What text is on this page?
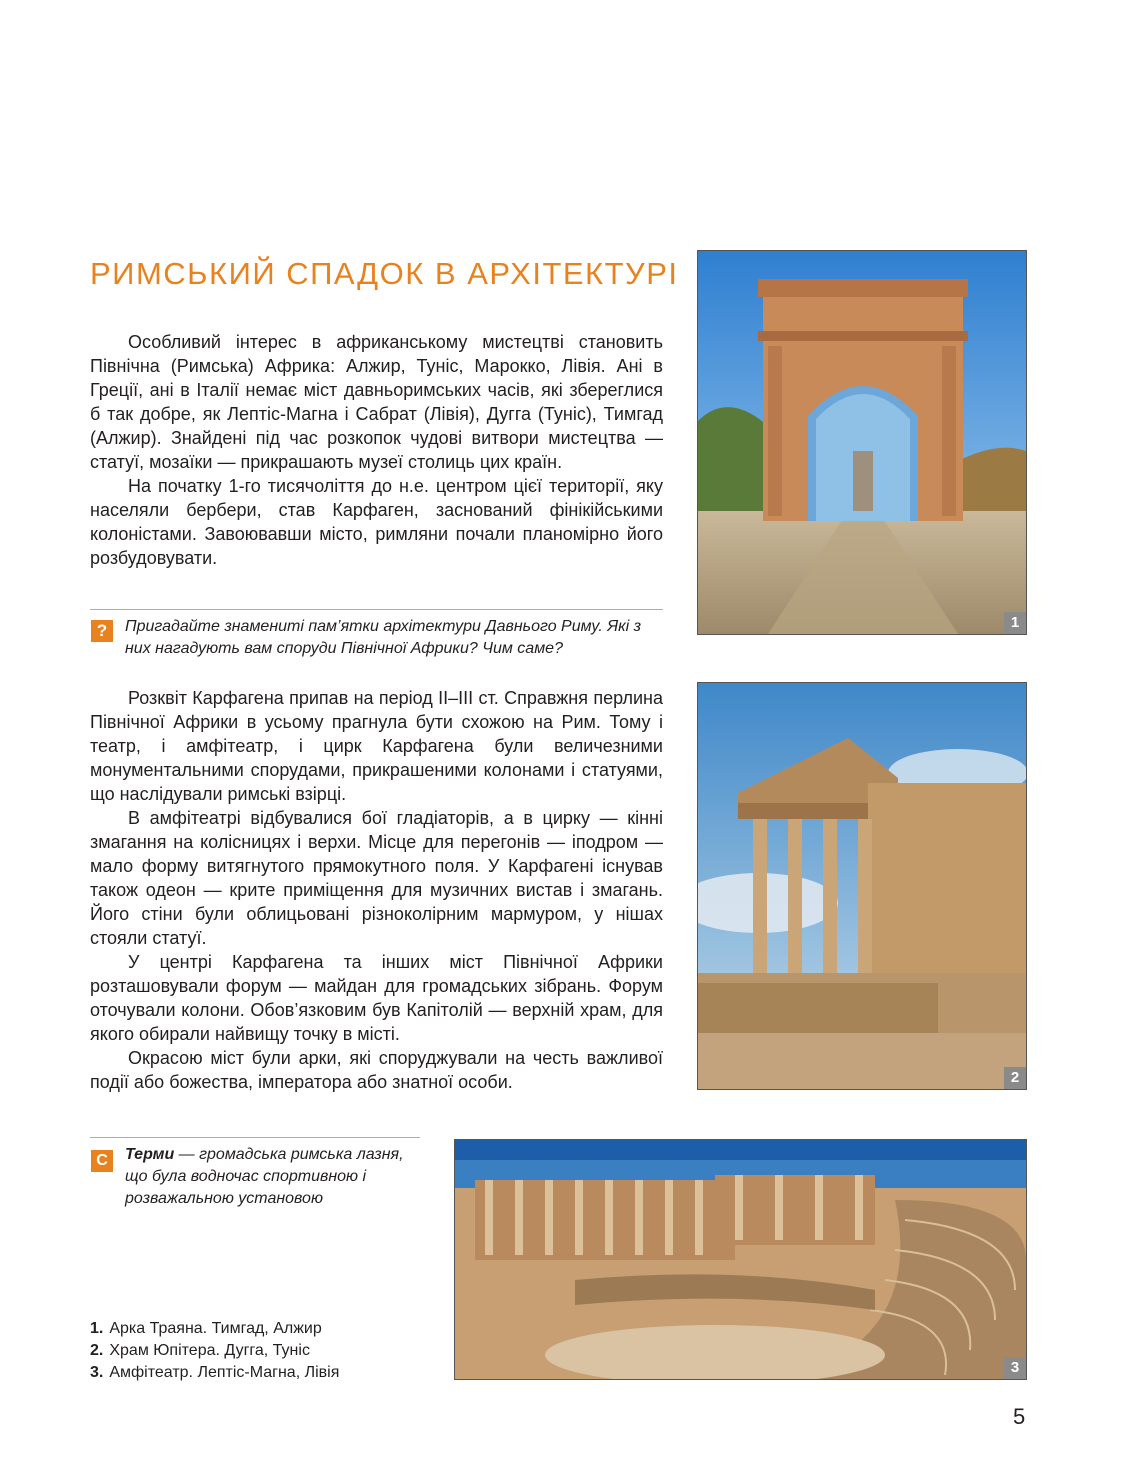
РИМСЬКИЙ СПАДОК В АРХІТЕКТУРІ

Особливий інтерес в африканському мистецтві становить Північна (Римська) Африка: Алжир, Туніс, Марокко, Лівія. Ані в Греції, ані в Італії немає міст давньоримських часів, які збереглися б так добре, як Лептіс-Магна і Сабрат (Лівія), Дугга (Туніс), Тимгад (Алжир). Знайдені під час розкопок чудові витвори мистецтва — статуї, мозаїки — прикрашають музеї столиць цих країн.

На початку 1-го тисячоліття до н.е. центром цієї території, яку населяли бербери, став Карфаген, заснований фінікійськими колоністами. Завоювавши місто, римляни почали планомірно його розбудовувати.

?	Пригадайте знамениті пам’ятки архітектури Давнього Риму. Які з них нагадують вам споруди Північної Африки? Чим саме?

Розквіт Карфагена припав на період II–III ст. Справжня перлина Північної Африки в усьому прагнула бути схожою на Рим. Тому і театр, і амфітеатр, і цирк Карфагена були величезними монументальними спорудами, прикрашеними колонами і статуями, що наслідували римські взірці.

В амфітеатрі відбувалися бої гладіаторів, а в цирку — кінні змагання на колісницях і верхи. Місце для перегонів — іподром — мало форму витягнутого прямокутного поля. У Карфагені існував також одеон — крите приміщення для музичних вистав і змагань. Його стіни були облицьовані різноколірним мармуром, у нішах стояли статуї.

У центрі Карфагена та інших міст Північної Африки розташовували форум — майдан для громадських зібрань. Форум оточували колони. Обов’язковим був Капітолій — верхній храм, для якого обирали найвищу точку в місті.

Окрасою міст були арки, які споруджували на честь важливої події або божества, імператора або знатної особи.

С	Терми — громадська римська лазня, що була водночас спортивною і розважальною установою
1. Арка Траяна. Тимгад, Алжир
2. Храм Юпітера. Дугга, Туніс
3. Амфітеатр. Лептіс-Магна, Лівія
1
2
3
5
